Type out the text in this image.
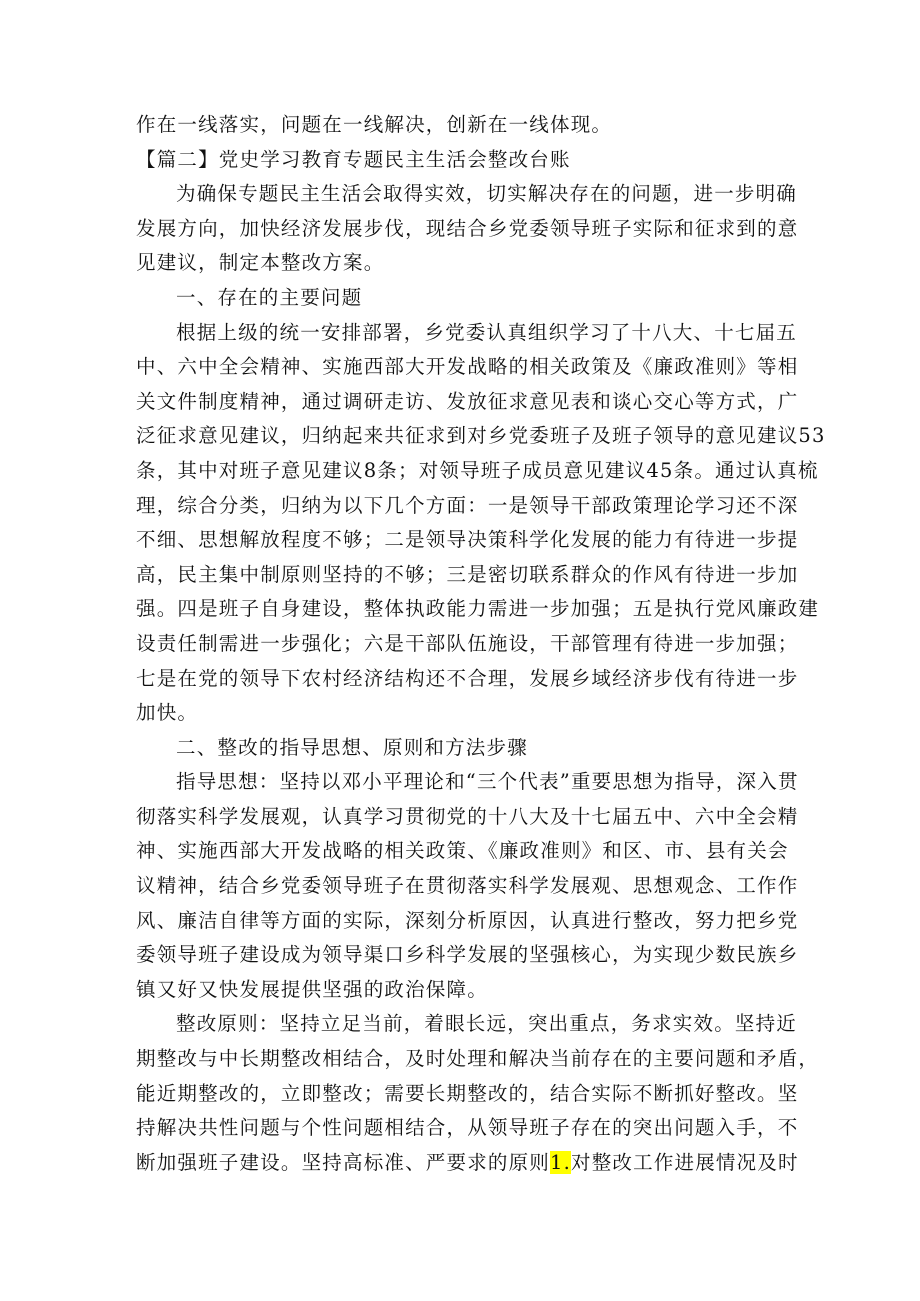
作在一线落实，问题在一线解决，创新在一线体现。
【篇二】党史学习教育专题民主生活会整改台账
为确保专题民主生活会取得实效，切实解决存在的问题，进一步明确
发展方向，加快经济发展步伐，现结合乡党委领导班子实际和征求到的意
见建议，制定本整改方案。
一、存在的主要问题
根据上级的统一安排部署，乡党委认真组织学习了十八大、十七届五
中、六中全会精神、实施西部大开发战略的相关政策及《廉政准则》等相
关文件制度精神，通过调研走访、发放征求意见表和谈心交心等方式，广
泛征求意见建议，归纳起来共征求到对乡党委班子及班子领导的意见建议53
条，其中对班子意见建议8条；对领导班子成员意见建议45条。通过认真梳
理，综合分类，归纳为以下几个方面：一是领导干部政策理论学习还不深
不细、思想解放程度不够；二是领导决策科学化发展的能力有待进一步提
高，民主集中制原则坚持的不够；三是密切联系群众的作风有待进一步加
强。四是班子自身建设，整体执政能力需进一步加强；五是执行党风廉政建
设责任制需进一步强化；六是干部队伍施设，干部管理有待进一步加强；
七是在党的领导下农村经济结构还不合理，发展乡域经济步伐有待进一步
加快。
二、整改的指导思想、原则和方法步骤
指导思想：坚持以邓小平理论和“三个代表”重要思想为指导，深入贯
彻落实科学发展观，认真学习贯彻党的十八大及十七届五中、六中全会精
神、实施西部大开发战略的相关政策、《廉政准则》和区、市、县有关会
议精神，结合乡党委领导班子在贯彻落实科学发展观、思想观念、工作作
风、廉洁自律等方面的实际，深刻分析原因，认真进行整改，努力把乡党
委领导班子建设成为领导渠口乡科学发展的坚强核心，为实现少数民族乡
镇又好又快发展提供坚强的政治保障。
整改原则：坚持立足当前，着眼长远，突出重点，务求实效。坚持近
期整改与中长期整改相结合，及时处理和解决当前存在的主要问题和矛盾，
能近期整改的，立即整改；需要长期整改的，结合实际不断抓好整改。坚
持解决共性问题与个性问题相结合，从领导班子存在的突出问题入手，不
断加强班子建设。坚持高标准、严要求的原则1.对整改工作进展情况及时
